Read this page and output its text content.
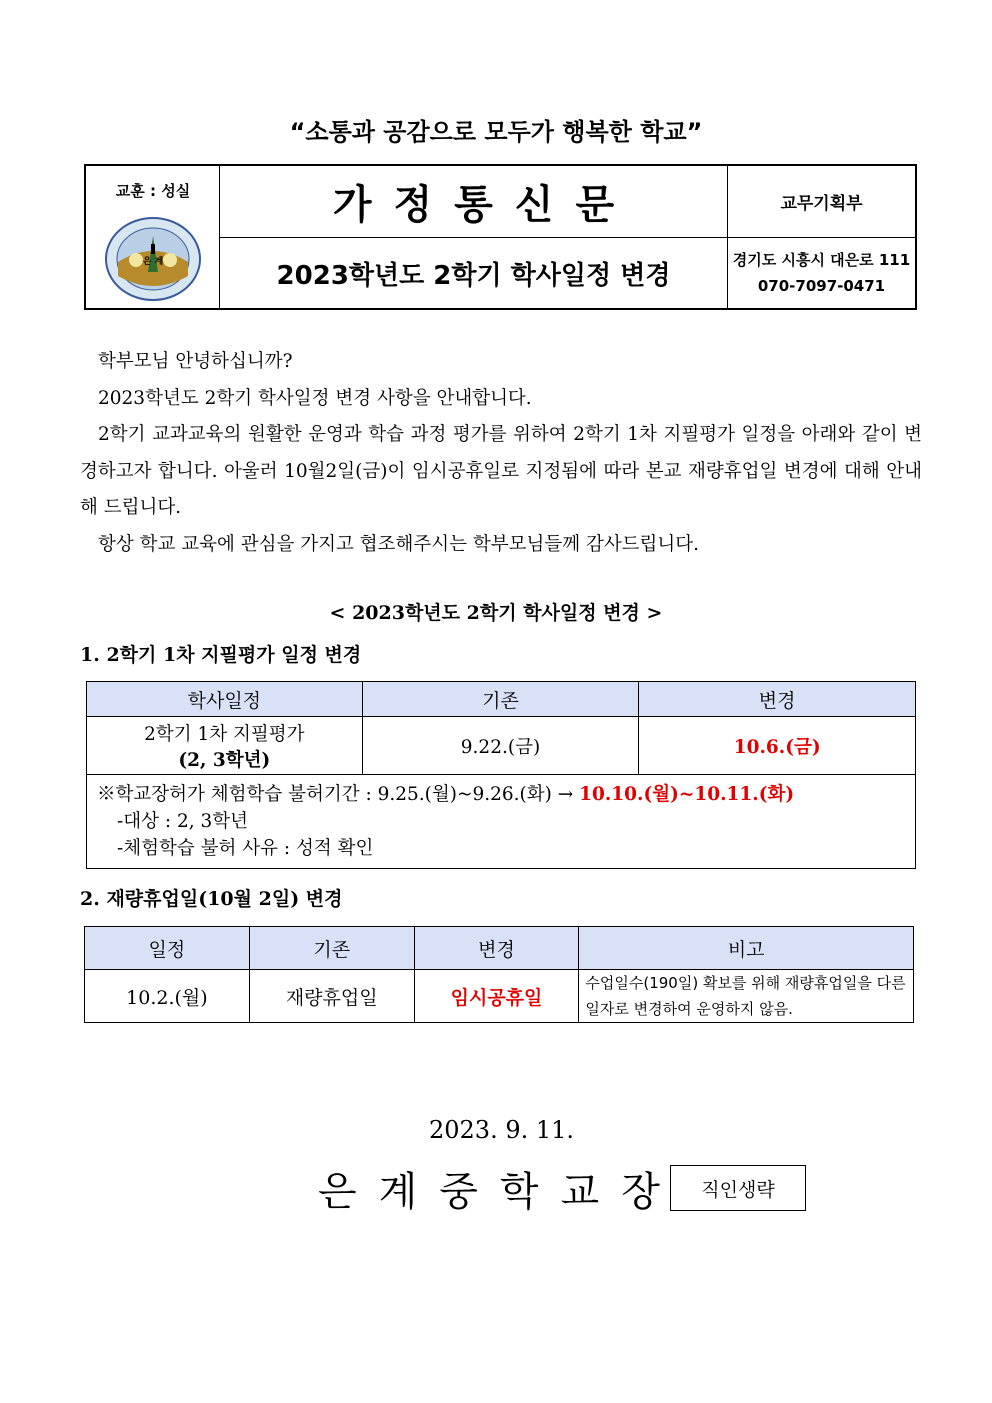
“소통과 공감으로 모두가 행복한 학교”
교훈 : 성실
은 계
가정통신문
2023학년도 2학기 학사일정 변경
교무기획부
경기도 시흥시 대은로 111
070-7097-0471

학부모님 안녕하십니까?

2023학년도 2학기 학사일정 변경 사항을 안내합니다.

2학기 교과교육의 원활한 운영과 학습 과정 평가를 위하여 2학기 1차 지필평가 일정을 아래와 같이 변경하고자 합니다. 아울러 10월2일(금)이 임시공휴일로 지정됨에 따라 본교 재량휴업일 변경에 대해 안내해 드립니다.

항상 학교 교육에 관심을 가지고 협조해주시는 학부모님들께 감사드립니다.

< 2023학년도 2학기 학사일정 변경 >
1. 2학기 1차 지필평가 일정 변경
학사일정	기존	변경

2학기 1차 지필평가
(2, 3학년)	9.22.(금)	10.6.(금)

※학교장허가 체험학습 불허기간 : 9.25.(월)~9.26.(화) → 10.10.(월)~10.11.(화)
-대상 : 2, 3학년
-체험학습 불허 사유 : 성적 확인		
2. 재량휴업일(10월 2일) 변경
일정	기존	변경	비고
10.2.(월)	재량휴업일	임시공휴일	수업일수(190일) 확보를 위해 재량휴업일을 다른 일자로 변경하여 운영하지 않음.
2023. 9. 11.
은계중학교장	직인생략
